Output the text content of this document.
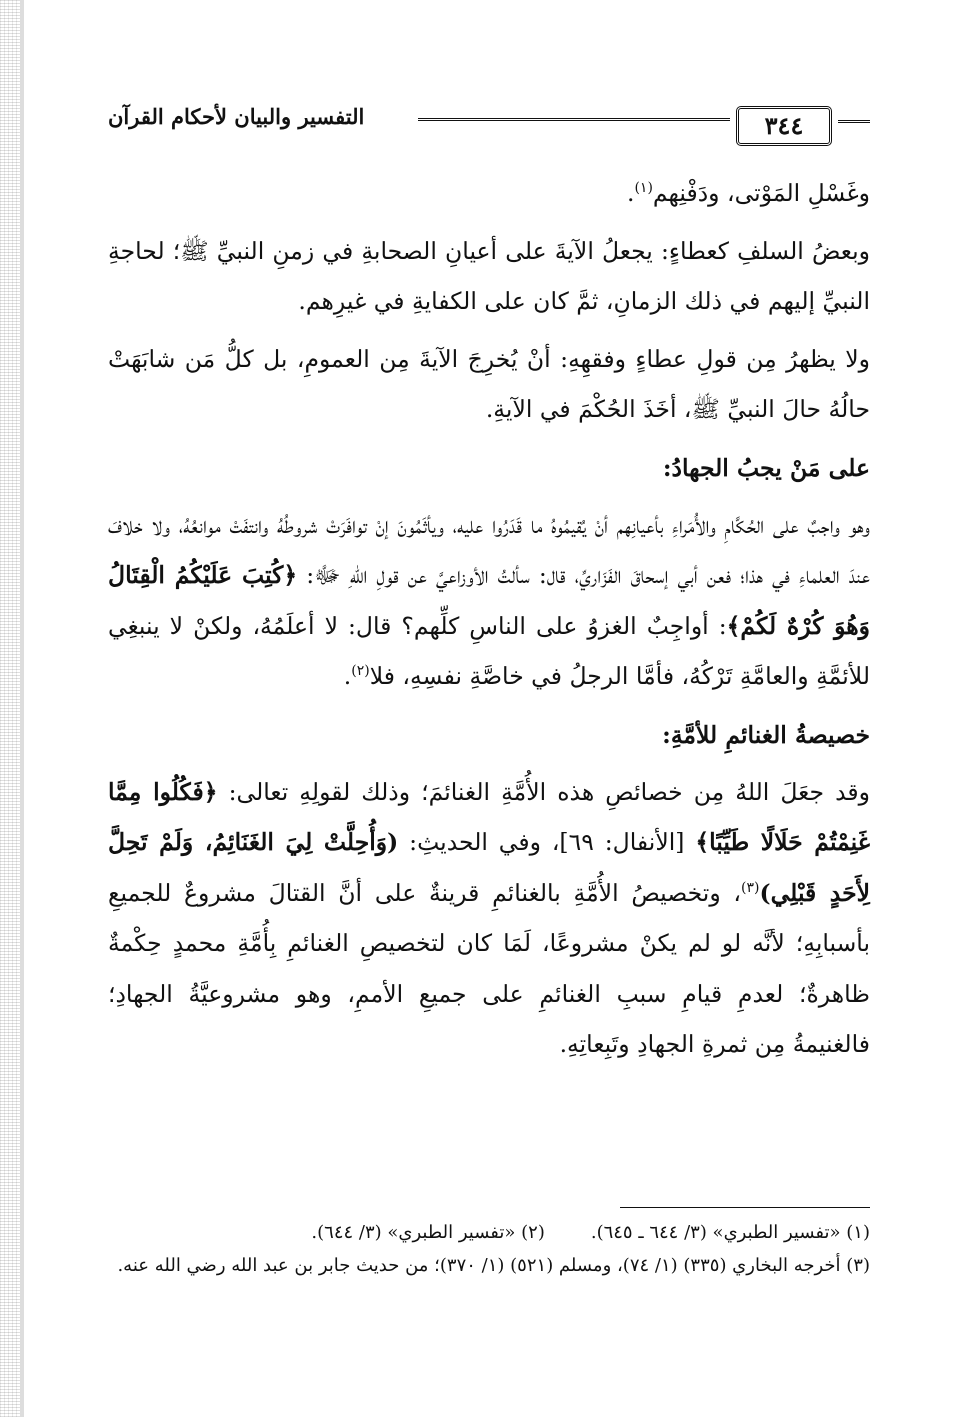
التفسير والبيان لأحكام القرآن	٣٤٤

وغَسْلِ المَوْتى، ودَفْنِهم$^{(١)}$.

وبعضُ السلفِ كعطاءٍ: يجعلُ الآيةَ على أعيانِ الصحابةِ في زمنِ النبيِّ ﷺ؛ لحاجةِ النبيِّ إليهم في ذلك الزمانِ، ثمَّ كان على الكفايةِ في غيرِهم.

ولا يظهرُ مِن قولِ عطاءٍ وفقهِهِ: أنْ يُخرِجَ الآيةَ مِن العمومِ، بل كلُّ مَن شابَهَتْ حالُهُ حالَ النبيِّ ﷺ، أخَذَ الحُكْمَ في الآيةِ.

على مَنْ يجبُ الجهادُ:

وهو واجبٌ على الحُكَّامِ والأُمَراءِ بأعيانِهم أنْ يُقيمُوهُ ما قَدَرُوا عليه، ويأثَمُونَ إنْ توافَرَتْ شروطُهُ وانتفَتْ موانعُهُ، ولا خلافَ عندَ العلماءِ في هذا؛ فعن أبي إسحاقَ الفَزَاريِّ، قال: سألتُ الأوزاعيَّ عن قولِ اللهِ ﷻ: ﴿كُتِبَ عَلَيْكُمُ الْقِتَالُ وَهُوَ كُرْهٌ لَكُمْ﴾: أواجِبٌ الغزوُ على الناسِ كلِّهم؟ قال: لا أعلَمُهُ، ولكنْ لا ينبغِي للأئمَّةِ والعامَّةِ تَرْكُهُ، فأمَّا الرجلُ في خاصَّةِ نفسِهِ، فلا$^{(٢)}$.

خصيصةُ الغنائمِ للأمَّةِ:

وقد جعَلَ اللهُ مِن خصائصِ هذه الأُمَّةِ الغنائمَ؛ وذلك لقولِهِ تعالى: ﴿فَكُلُوا مِمَّا غَنِمْتُمْ حَلَالًا طَيِّبًا﴾ [الأنفال: ٦٩]، وفي الحديثِ: (وَأُحِلَّتْ لِيَ الغَنَائِمُ، وَلَمْ تَحِلَّ لِأَحَدٍ قَبْلِي)$^{(٣)}$، وتخصيصُ الأُمَّةِ بالغنائمِ قرينةٌ على أنَّ القتالَ مشروعٌ للجميعِ بأسبابِهِ؛ لأنَّه لو لم يكنْ مشروعًا، لَمَا كان لتخصيصِ الغنائمِ بِأُمَّةِ محمدٍ حِكْمةٌ ظاهرةٌ؛ لعدمِ قيامِ سببِ الغنائمِ على جميعِ الأممِ، وهو مشروعيَّةُ الجهادِ؛ فالغنيمةُ مِن ثمرةِ الجهادِ وتَبِعاتِهِ.

(١) «تفسير الطبري» (٣/ ٦٤٤ ـ ٦٤٥).
(٢) «تفسير الطبري» (٣/ ٦٤٤).
(٣) أخرجه البخاري (٣٣٥) (١/ ٧٤)، ومسلم (٥٢١) (١/ ٣٧٠)؛ من حديث جابر بن عبد الله رضي الله عنه.
